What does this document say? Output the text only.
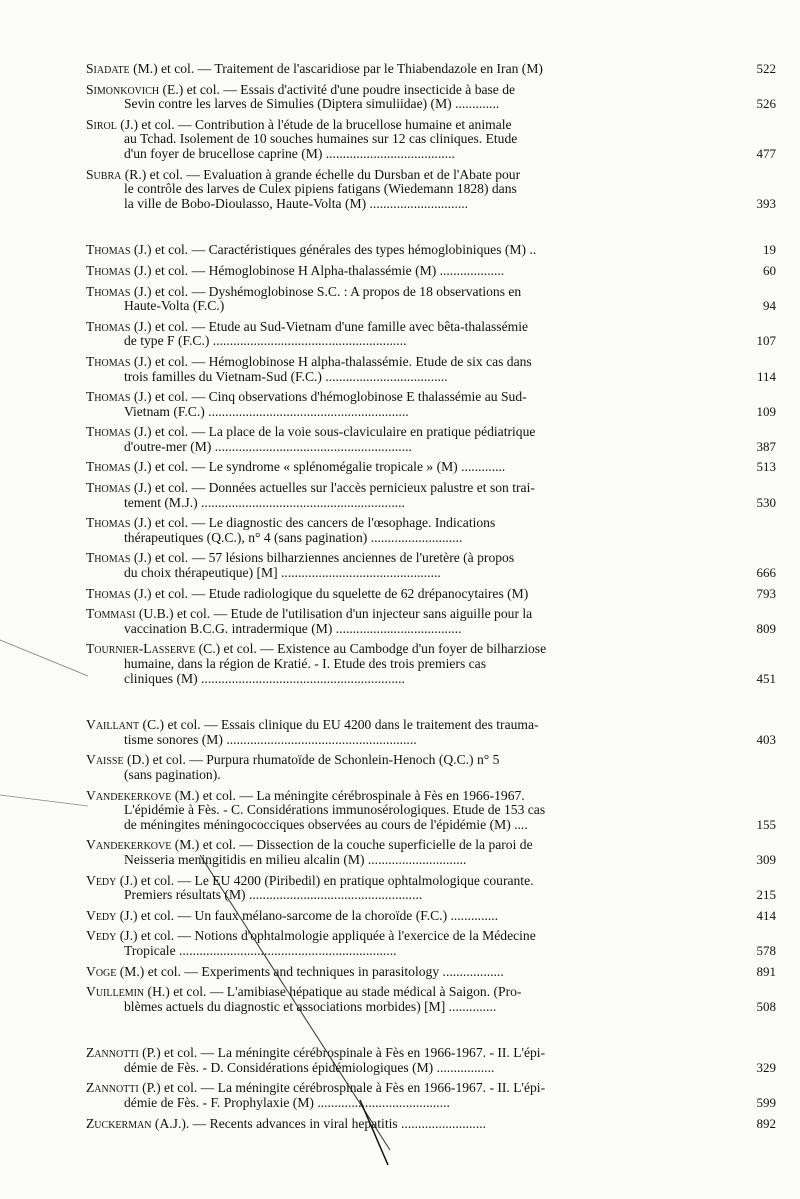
Siadate (M.) et col. — Traitement de l'ascaridiose par le Thiabendazole en Iran (M)	522
Simonkovich (E.) et col. — Essais d'activité d'une poudre insecticide à base de
Sevin contre les larves de Simulies (Diptera simuliidae) (M) .............	526
Sirol (J.) et col. — Contribution à l'étude de la brucellose humaine et animale
au Tchad. Isolement de 10 souches humaines sur 12 cas cliniques. Etude
d'un foyer de brucellose caprine (M) ......................................	477
Subra (R.) et col. — Evaluation à grande échelle du Dursban et de l'Abate pour
le contrôle des larves de Culex pipiens fatigans (Wiedemann 1828) dans
la ville de Bobo-Dioulasso, Haute-Volta (M) .............................	393
Thomas (J.) et col. — Caractéristiques générales des types hémoglobiniques (M) ..	19
Thomas (J.) et col. — Hémoglobinose H Alpha-thalassémie (M) ...................	60
Thomas (J.) et col. — Dyshémoglobinose S.C. : A propos de 18 observations en
Haute-Volta (F.C.)	94
Thomas (J.) et col. — Etude au Sud-Vietnam d'une famille avec bêta-thalassémie
de type F (F.C.) .........................................................	107
Thomas (J.) et col. — Hémoglobinose H alpha-thalassémie. Etude de six cas dans
trois familles du Vietnam-Sud (F.C.) ....................................	114
Thomas (J.) et col. — Cinq observations d'hémoglobinose E thalassémie au Sud-
Vietnam (F.C.) ...........................................................	109
Thomas (J.) et col. — La place de la voie sous-claviculaire en pratique pédiatrique
d'outre-mer (M) ..........................................................	387
Thomas (J.) et col. — Le syndrome « splénomégalie tropicale » (M) .............	513
Thomas (J.) et col. — Données actuelles sur l'accès pernicieux palustre et son trai-
tement (M.J.) ............................................................	530
Thomas (J.) et col. — Le diagnostic des cancers de l'œsophage. Indications
thérapeutiques (Q.C.), n° 4 (sans pagination) ...........................
Thomas (J.) et col. — 57 lésions bilharziennes anciennes de l'uretère (à propos
du choix thérapeutique) [M] ...............................................	666
Thomas (J.) et col. — Etude radiologique du squelette de 62 drépanocytaires (M)	793
Tommasi (U.B.) et col. — Etude de l'utilisation d'un injecteur sans aiguille pour la
vaccination B.C.G. intradermique (M) .....................................	809
Tournier-Lasserve (C.) et col. — Existence au Cambodge d'un foyer de bilharziose
humaine, dans la région de Kratié. - I. Etude des trois premiers cas
cliniques (M) ............................................................	451
Vaillant (C.) et col. — Essais clinique du EU 4200 dans le traitement des trauma-
tisme sonores (M) ........................................................	403
Vaisse (D.) et col. — Purpura rhumatoïde de Schonlein-Henoch (Q.C.) n° 5
(sans pagination).
Vandekerkove (M.) et col. — La méningite cérébrospinale à Fès en 1966-1967.
L'épidémie à Fès. - C. Considérations immunosérologiques. Etude de 153 cas
de méningites méningococciques observées au cours de l'épidémie (M) ....	155
Vandekerkove (M.) et col. — Dissection de la couche superficielle de la paroi de
Neisseria meningitidis en milieu alcalin (M) .............................	309
Vedy (J.) et col. — Le EU 4200 (Piribedil) en pratique ophtalmologique courante.
Premiers résultats (M) ...................................................	215
Vedy (J.) et col. — Un faux mélano-sarcome de la choroïde (F.C.) ..............	414
Vedy (J.) et col. — Notions d'ophtalmologie appliquée à l'exercice de la Médecine
Tropicale ................................................................	578
Voge (M.) et col. — Experiments and techniques in parasitology ..................	891
Vuillemin (H.) et col. — L'amibiase hépatique au stade médical à Saigon. (Pro-
blèmes actuels du diagnostic et associations morbides) [M] ..............	508
Zannotti (P.) et col. — La méningite cérébrospinale à Fès en 1966-1967. - II. L'épi-
démie de Fès. - D. Considérations épidémiologiques (M) .................	329
Zannotti (P.) et col. — La méningite cérébrospinale à Fès en 1966-1967. - II. L'épi-
démie de Fès. - F. Prophylaxie (M) .......................................	599
Zuckerman (A.J.). — Recents advances in viral hepatitis .........................	892
